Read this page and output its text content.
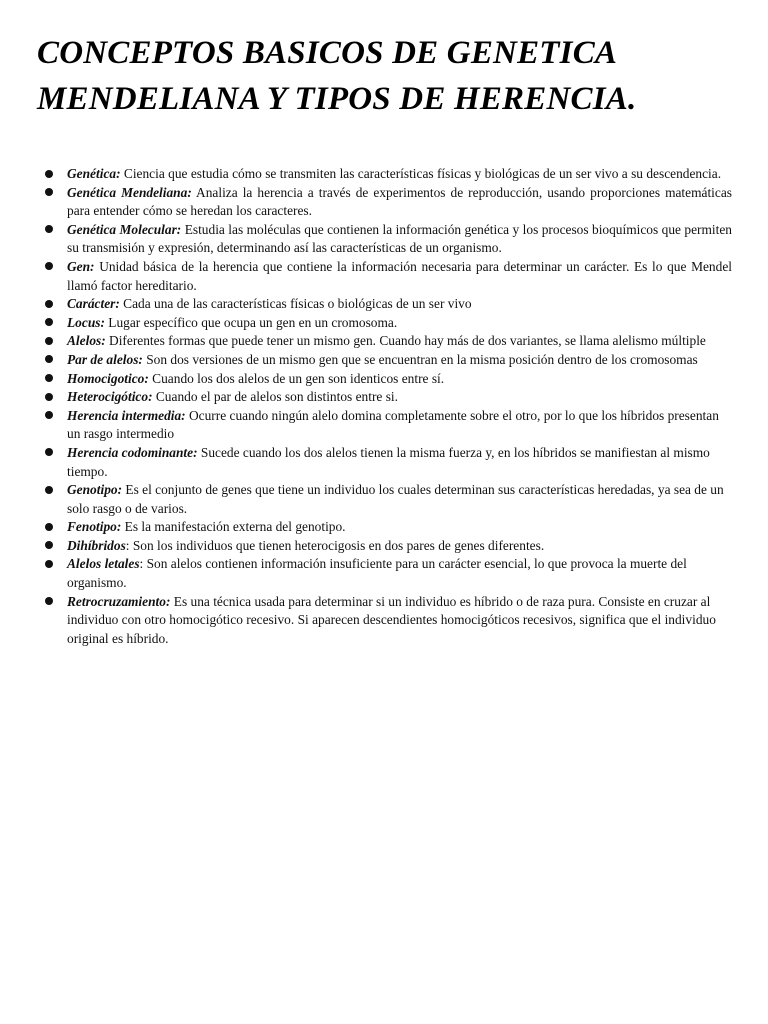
CONCEPTOS BASICOS DE GENETICA
MENDELIANA Y TIPOS DE HERENCIA.
Genética: Ciencia que estudia cómo se transmiten las características físicas y biológicas de un ser vivo a su descendencia.
Genética Mendeliana: Analiza la herencia a través de experimentos de reproducción, usando proporciones matemáticas para entender cómo se heredan los caracteres.
Genética Molecular: Estudia las moléculas que contienen la información genética y los procesos bioquímicos que permiten su transmisión y expresión, determinando así las características de un organismo.
Gen: Unidad básica de la herencia que contiene la información necesaria para determinar un carácter. Es lo que Mendel llamó factor hereditario.
Carácter: Cada una de las características físicas o biológicas de un ser vivo
Locus: Lugar específico que ocupa un gen en un cromosoma.
Alelos: Diferentes formas que puede tener un mismo gen. Cuando hay más de dos variantes, se llama alelismo múltiple
Par de alelos: Son dos versiones de un mismo gen que se encuentran en la misma posición dentro de los cromosomas
Homocigotico: Cuando los dos alelos de un gen son identicos entre sí.
Heterocigótico: Cuando el par de alelos son distintos entre si.
Herencia intermedia: Ocurre cuando ningún alelo domina completamente sobre el otro, por lo que los híbridos presentan un rasgo intermedio
Herencia codominante: Sucede cuando los dos alelos tienen la misma fuerza y, en los híbridos se manifiestan al mismo tiempo.
Genotipo: Es el conjunto de genes que tiene un individuo los cuales determinan sus características heredadas, ya sea de un solo rasgo o de varios.
Fenotipo: Es la manifestación externa del genotipo.
Dihíbridos: Son los individuos que tienen heterocigosis en dos pares de genes diferentes.
Alelos letales: Son alelos contienen información insuficiente para un carácter esencial, lo que provoca la muerte del organismo.
Retrocruzamiento: Es una técnica usada para determinar si un individuo es híbrido o de raza pura. Consiste en cruzar al individuo con otro homocigótico recesivo. Si aparecen descendientes homocigóticos recesivos, significa que el individuo original es híbrido.
